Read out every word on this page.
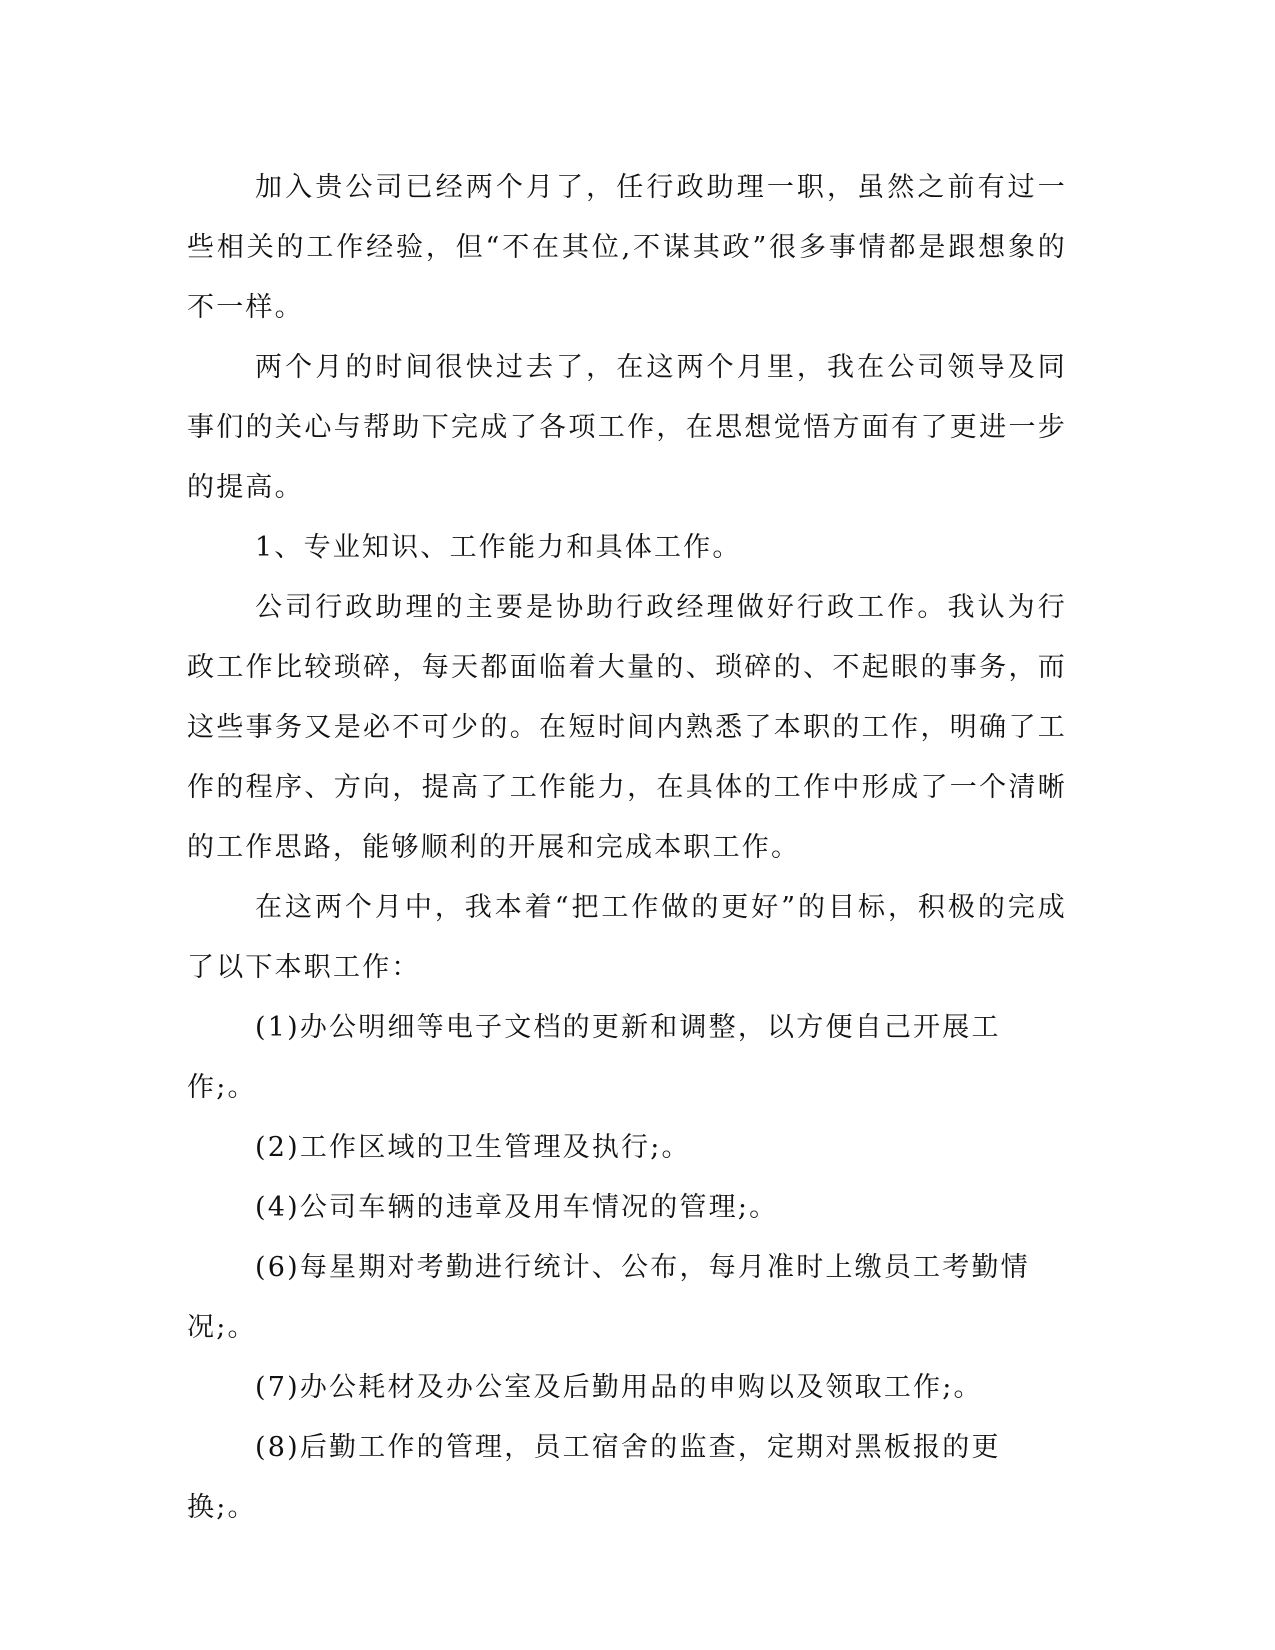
加入贵公司已经两个月了，任行政助理一职，虽然之前有过一些相关的工作经验，但“不在其位,不谋其政”很多事情都是跟想象的不一样。

两个月的时间很快过去了，在这两个月里，我在公司领导及同事们的关心与帮助下完成了各项工作，在思想觉悟方面有了更进一步的提高。

1、专业知识、工作能力和具体工作。

公司行政助理的主要是协助行政经理做好行政工作。我认为行政工作比较琐碎，每天都面临着大量的、琐碎的、不起眼的事务，而这些事务又是必不可少的。在短时间内熟悉了本职的工作，明确了工作的程序、方向，提高了工作能力，在具体的工作中形成了一个清晰的工作思路，能够顺利的开展和完成本职工作。

在这两个月中，我本着“把工作做的更好”的目标，积极的完成了以下本职工作：

(1)办公明细等电子文档的更新和调整，以方便自己开展工作;。

(2)工作区域的卫生管理及执行;。

(4)公司车辆的违章及用车情况的管理;。

(6)每星期对考勤进行统计、公布，每月准时上缴员工考勤情况;。

(7)办公耗材及办公室及后勤用品的申购以及领取工作;。

(8)后勤工作的管理，员工宿舍的监查，定期对黑板报的更换;。
